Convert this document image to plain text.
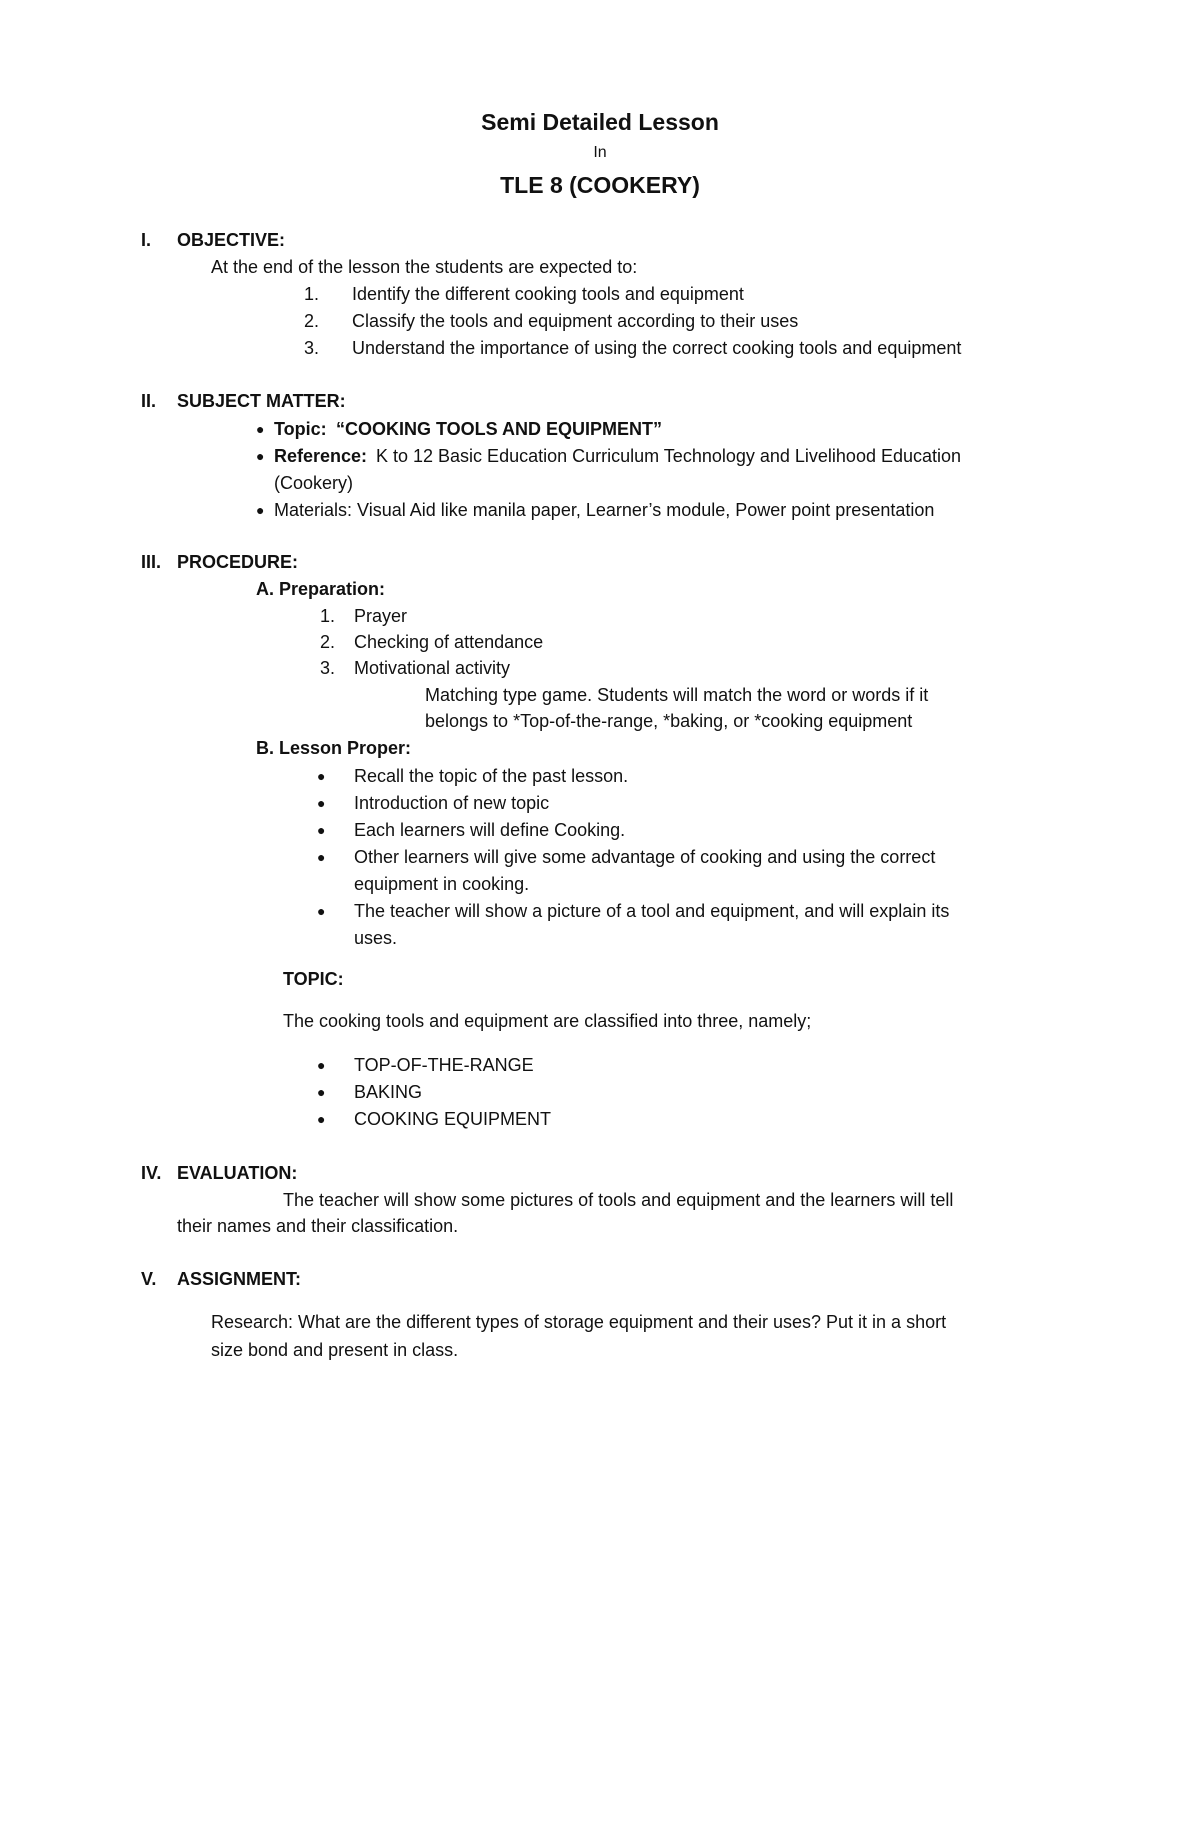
Semi Detailed Lesson
In
TLE 8 (COOKERY)
I. OBJECTIVE:
At the end of the lesson the students are expected to:
1. Identify the different cooking tools and equipment
2. Classify the tools and equipment according to their uses
3. Understand the importance of using the correct cooking tools and equipment
II. SUBJECT MATTER:
● Topic: “COOKING TOOLS AND EQUIPMENT”
● Reference: K to 12 Basic Education Curriculum Technology and Livelihood Education
(Cookery)
● Materials: Visual Aid like manila paper, Learner’s module, Power point presentation
III. PROCEDURE:
A. Preparation:
1. Prayer
2. Checking of attendance
3. Motivational activity
Matching type game. Students will match the word or words if it
belongs to *Top-of-the-range, *baking, or *cooking equipment
B. Lesson Proper:
● Recall the topic of the past lesson.
● Introduction of new topic
● Each learners will define Cooking.
● Other learners will give some advantage of cooking and using the correct
equipment in cooking.
● The teacher will show a picture of a tool and equipment, and will explain its
uses.
TOPIC:
The cooking tools and equipment are classified into three, namely;
● TOP-OF-THE-RANGE
● BAKING
● COOKING EQUIPMENT
IV. EVALUATION:
The teacher will show some pictures of tools and equipment and the learners will tell
their names and their classification.
V. ASSIGNMENT:
Research: What are the different types of storage equipment and their uses? Put it in a short
size bond and present in class.
